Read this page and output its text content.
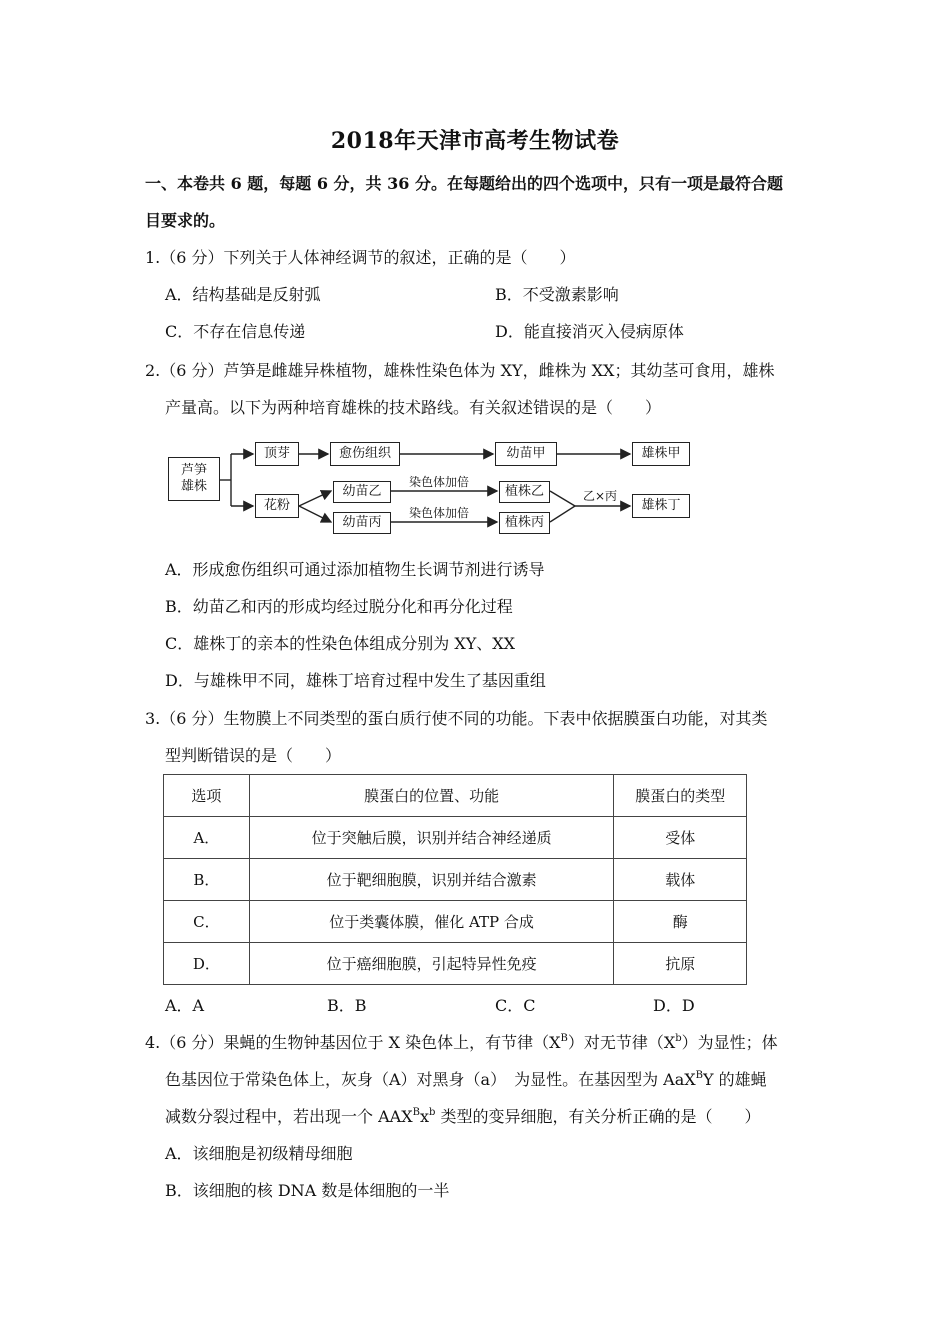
2018年天津市高考生物试卷
一、本卷共 6 题，每题 6 分，共 36 分。在每题给出的四个选项中，只有一项是最符合题
目要求的。
1.（6 分）下列关于人体神经调节的叙述，正确的是（　　）
A．结构基础是反射弧	B．不受激素影响
C．不存在信息传递	D．能直接消灭入侵病原体
2.（6 分）芦笋是雌雄异株植物，雄株性染色体为 XY，雌株为 XX；其幼茎可食用，雄株
产量高。以下为两种培育雄株的技术路线。有关叙述错误的是（　　）
芦笋
雄株
顶芽	愈伤组织	幼苗甲	雄株甲
花粉
幼苗乙
幼苗丙
染色体加倍
染色体加倍
植株乙
植株丙
乙×丙
雄株丁
A．形成愈伤组织可通过添加植物生长调节剂进行诱导
B．幼苗乙和丙的形成均经过脱分化和再分化过程
C．雄株丁的亲本的性染色体组成分别为 XY、XX
D．与雄株甲不同，雄株丁培育过程中发生了基因重组
3.（6 分）生物膜上不同类型的蛋白质行使不同的功能。下表中依据膜蛋白功能，对其类
型判断错误的是（　　）
选项	膜蛋白的位置、功能	膜蛋白的类型
A．	位于突触后膜，识别并结合神经递质	受体
B．	位于靶细胞膜，识别并结合激素	载体
C．	位于类囊体膜，催化 ATP 合成	酶
D．	位于癌细胞膜，引起特异性免疫	抗原
A．A	B．B	C．C	D．D
4.（6 分）果蝇的生物钟基因位于 X 染色体上，有节律$(X^B)$对无节律$(X^b)$为显性；体
色基因位于常染色体上，灰身（A）对黑身（a）　为显性。在基因型为 AaX$^B$Y 的雄蝇
减数分裂过程中，若出现一个 $AAX^Bx^b$ 类型的变异细胞，有关分析正确的是（　　）
A．该细胞是初级精母细胞
B．该细胞的核 DNA 数是体细胞的一半
